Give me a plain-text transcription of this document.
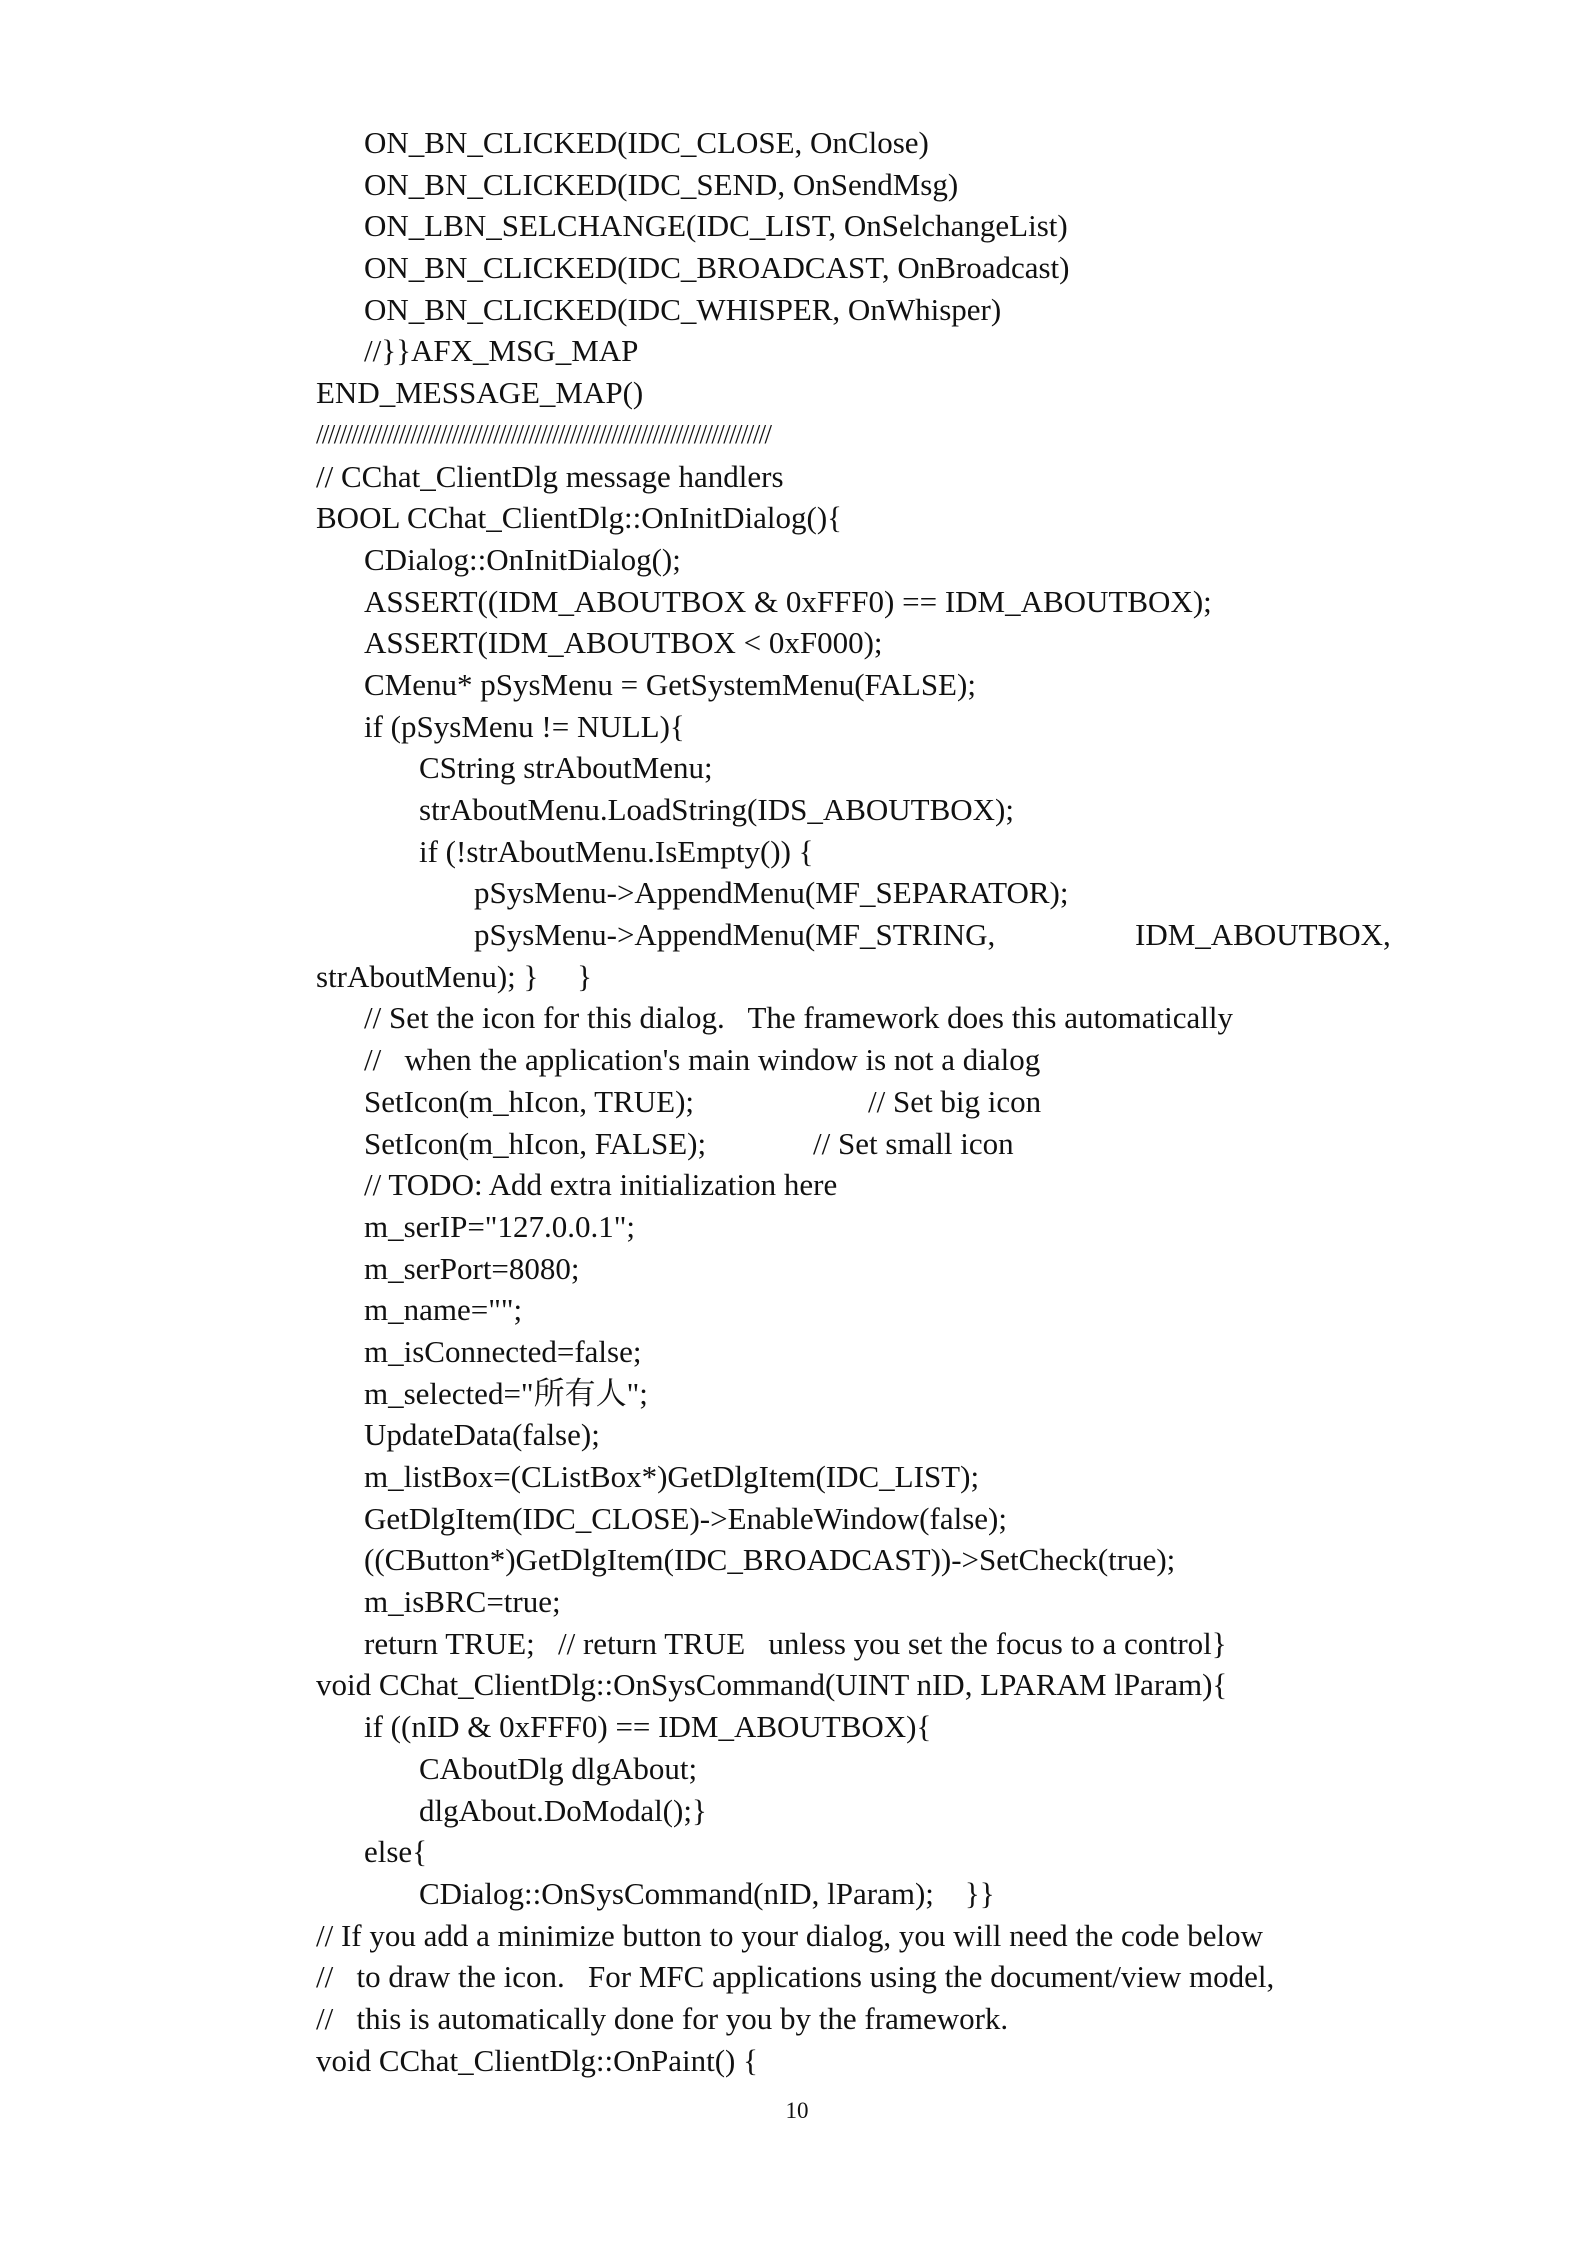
ON_BN_CLICKED(IDC_CLOSE, OnClose)
ON_BN_CLICKED(IDC_SEND, OnSendMsg)
ON_LBN_SELCHANGE(IDC_LIST, OnSelchangeList)
ON_BN_CLICKED(IDC_BROADCAST, OnBroadcast)
ON_BN_CLICKED(IDC_WHISPER, OnWhisper)
//}}AFX_MSG_MAP
END_MESSAGE_MAP()
/////////////////////////////////////////////////////////////////////////////
// CChat_ClientDlg message handlers
BOOL CChat_ClientDlg::OnInitDialog(){
CDialog::OnInitDialog();
ASSERT((IDM_ABOUTBOX & 0xFFF0) == IDM_ABOUTBOX);
ASSERT(IDM_ABOUTBOX < 0xF000);
CMenu* pSysMenu = GetSystemMenu(FALSE);
if (pSysMenu != NULL){
CString strAboutMenu;
strAboutMenu.LoadString(IDS_ABOUTBOX);
if (!strAboutMenu.IsEmpty()) {
pSysMenu->AppendMenu(MF_SEPARATOR);

pSysMenu->AppendMenu(MF_STRING,

	IDM_ABOUTBOX,

strAboutMenu); }     }
// Set the icon for this dialog.   The framework does this automatically
//   when the application's main window is not a dialog

SetIcon(m_hIcon, TRUE);

	// Set big icon

SetIcon(m_hIcon, FALSE);

	// Set small icon

// TODO: Add extra initialization here
m_serIP="127.0.0.1";
m_serPort=8080;
m_name="";
m_isConnected=false;
m_selected="所有人";
UpdateData(false);
m_listBox=(CListBox*)GetDlgItem(IDC_LIST);
GetDlgItem(IDC_CLOSE)->EnableWindow(false);
((CButton*)GetDlgItem(IDC_BROADCAST))->SetCheck(true);
m_isBRC=true;
return TRUE;   // return TRUE   unless you set the focus to a control}
void CChat_ClientDlg::OnSysCommand(UINT nID, LPARAM lParam){
if ((nID & 0xFFF0) == IDM_ABOUTBOX){
CAboutDlg dlgAbout;
dlgAbout.DoModal();}
else{
CDialog::OnSysCommand(nID, lParam);    }}
// If you add a minimize button to your dialog, you will need the code below
//   to draw the icon.   For MFC applications using the document/view model,
//   this is automatically done for you by the framework.
void CChat_ClientDlg::OnPaint() {
10
